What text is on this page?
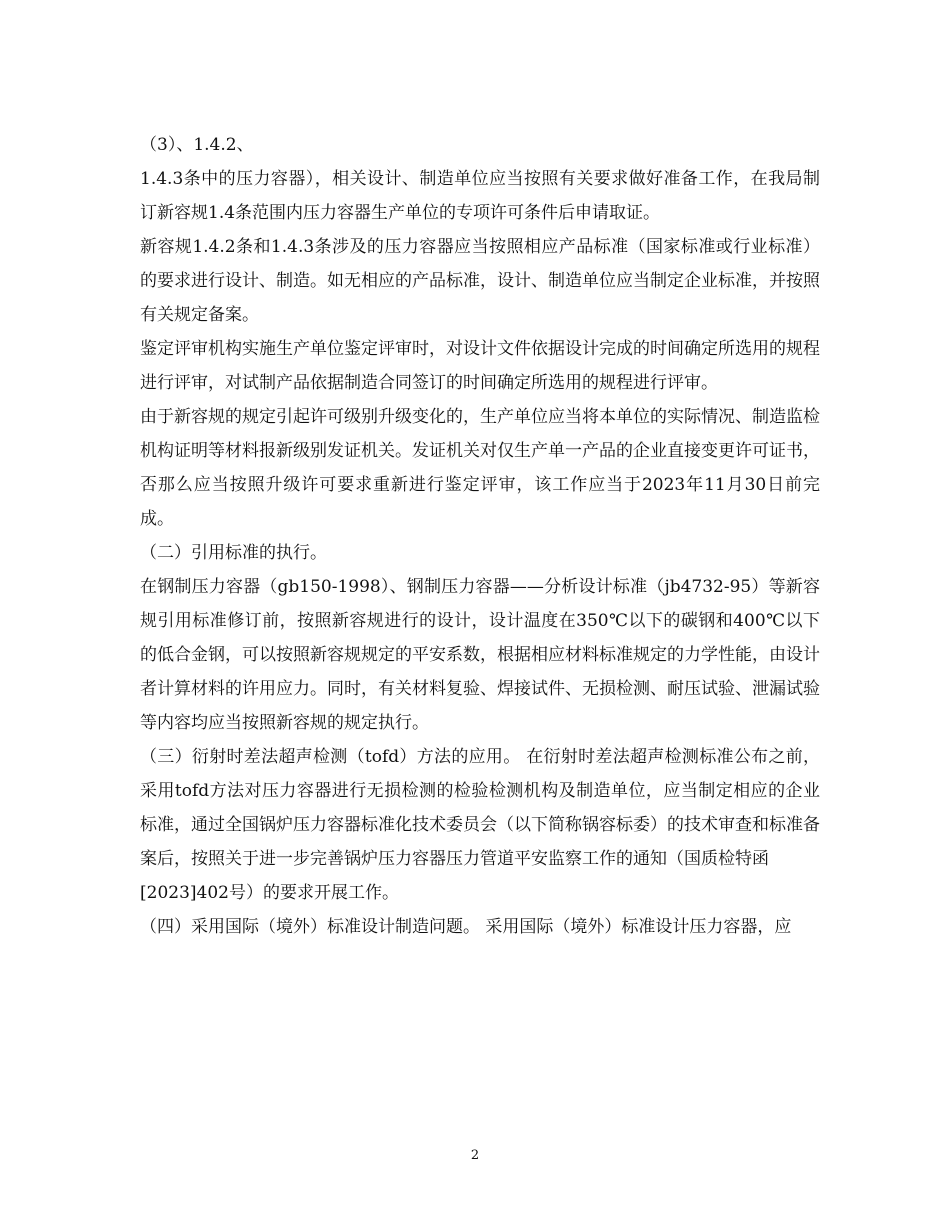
（3）、1.4.2、

1.4.3条中的压力容器），相关设计、制造单位应当按照有关要求做好准备工作，在我局制订新容规1.4条范围内压力容器生产单位的专项许可条件后申请取证。

新容规1.4.2条和1.4.3条涉及的压力容器应当按照相应产品标准（国家标准或行业标准）的要求进行设计、制造。如无相应的产品标准，设计、制造单位应当制定企业标准，并按照有关规定备案。

鉴定评审机构实施生产单位鉴定评审时，对设计文件依据设计完成的时间确定所选用的规程进行评审，对试制产品依据制造合同签订的时间确定所选用的规程进行评审。

由于新容规的规定引起许可级别升级变化的，生产单位应当将本单位的实际情况、制造监检机构证明等材料报新级别发证机关。发证机关对仅生产单一产品的企业直接变更许可证书，否那么应当按照升级许可要求重新进行鉴定评审，该工作应当于2023年11月30日前完成。

（二）引用标准的执行。

在钢制压力容器（gb150-1998）、钢制压力容器——分析设计标准（jb4732-95）等新容规引用标准修订前，按照新容规进行的设计，设计温度在350℃以下的碳钢和400℃以下的低合金钢，可以按照新容规规定的平安系数，根据相应材料标准规定的力学性能，由设计者计算材料的许用应力。同时，有关材料复验、焊接试件、无损检测、耐压试验、泄漏试验等内容均应当按照新容规的规定执行。

（三）衍射时差法超声检测（tofd）方法的应用。 在衍射时差法超声检测标准公布之前，采用tofd方法对压力容器进行无损检测的检验检测机构及制造单位，应当制定相应的企业标准，通过全国锅炉压力容器标准化技术委员会（以下简称锅容标委）的技术审查和标准备案后，按照关于进一步完善锅炉压力容器压力管道平安监察工作的通知（国质检特函

[2023]402号）的要求开展工作。

（四）采用国际（境外）标准设计制造问题。 采用国际（境外）标准设计压力容器，应

2
